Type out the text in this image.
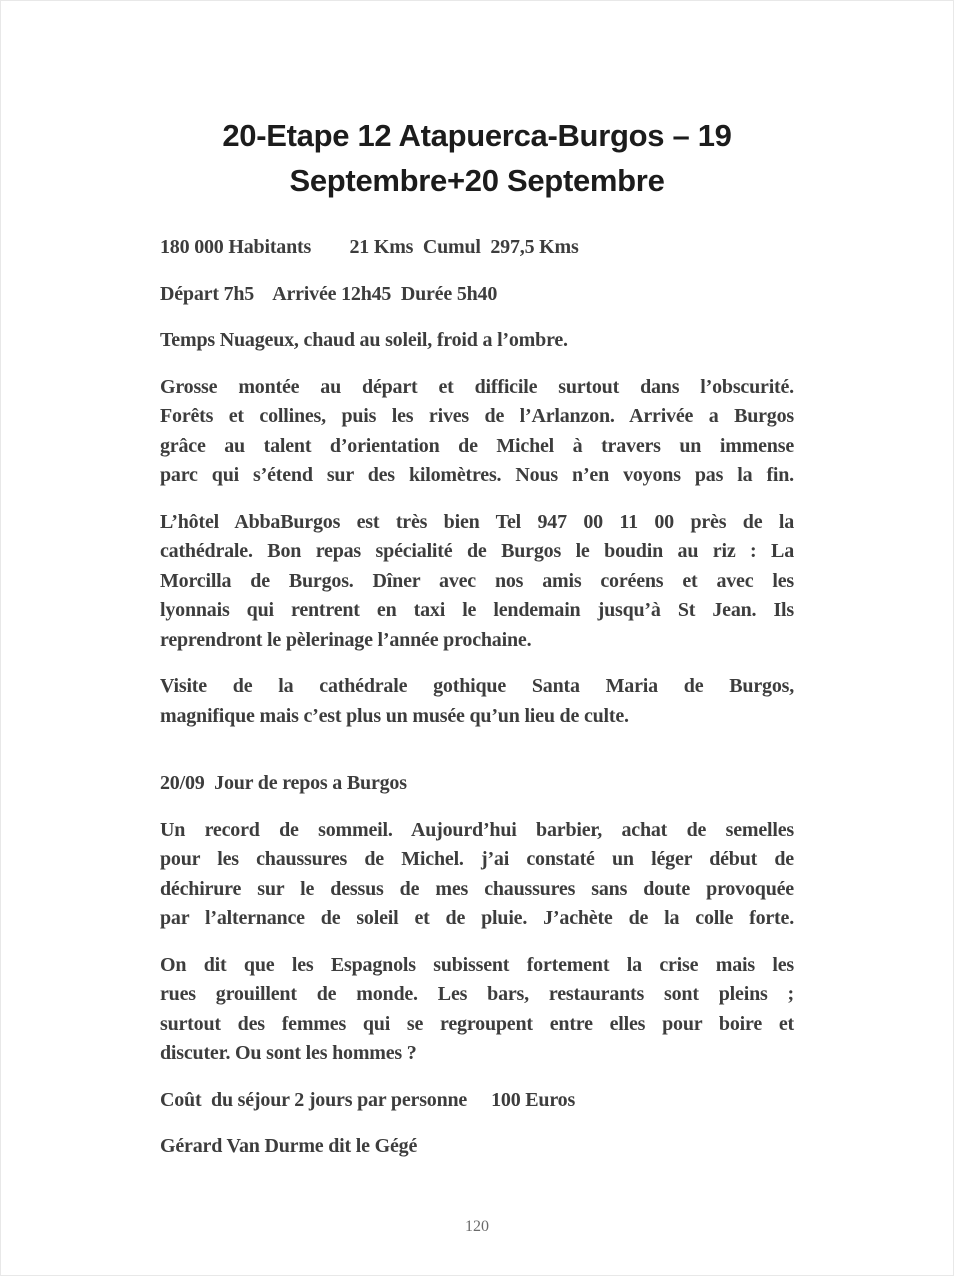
20-Etape 12 Atapuerca-Burgos – 19 Septembre+20 Septembre
180 000 Habitants        21 Kms  Cumul  297,5 Kms
Départ 7h5    Arrivée 12h45  Durée 5h40
Temps Nuageux, chaud au soleil, froid a l’ombre.
Grosse montée au départ et difficile surtout dans l’obscurité.
Forêts et collines, puis les rives de l’Arlanzon. Arrivée a Burgos
grâce au talent d’orientation de Michel à travers un immense
parc qui s’étend sur des kilomètres. Nous n’en voyons pas la fin.
L’hôtel AbbaBurgos est très bien Tel 947 00 11 00 près de la
cathédrale. Bon repas spécialité de Burgos le boudin au riz : La
Morcilla de Burgos. Dîner avec nos amis coréens et avec les
lyonnais qui rentrent en taxi le lendemain jusqu’à St Jean. Ils
reprendront le pèlerinage l’année prochaine.
Visite de la cathédrale gothique Santa Maria de Burgos,
magnifique mais c’est plus un musée qu’un lieu de culte.
20/09  Jour de repos a Burgos
Un record de sommeil. Aujourd’hui barbier, achat de semelles
pour les chaussures de Michel. j’ai constaté un léger début de
déchirure sur le dessus de mes chaussures sans doute provoquée
par l’alternance de soleil et de pluie. J’achète de la colle forte.
On dit que les Espagnols subissent fortement la crise mais les
rues grouillent de monde. Les bars, restaurants sont pleins ;
surtout des femmes qui se regroupent entre elles pour boire et
discuter. Ou sont les hommes ?
Coût  du séjour 2 jours par personne     100 Euros
Gérard Van Durme dit le Gégé
120
